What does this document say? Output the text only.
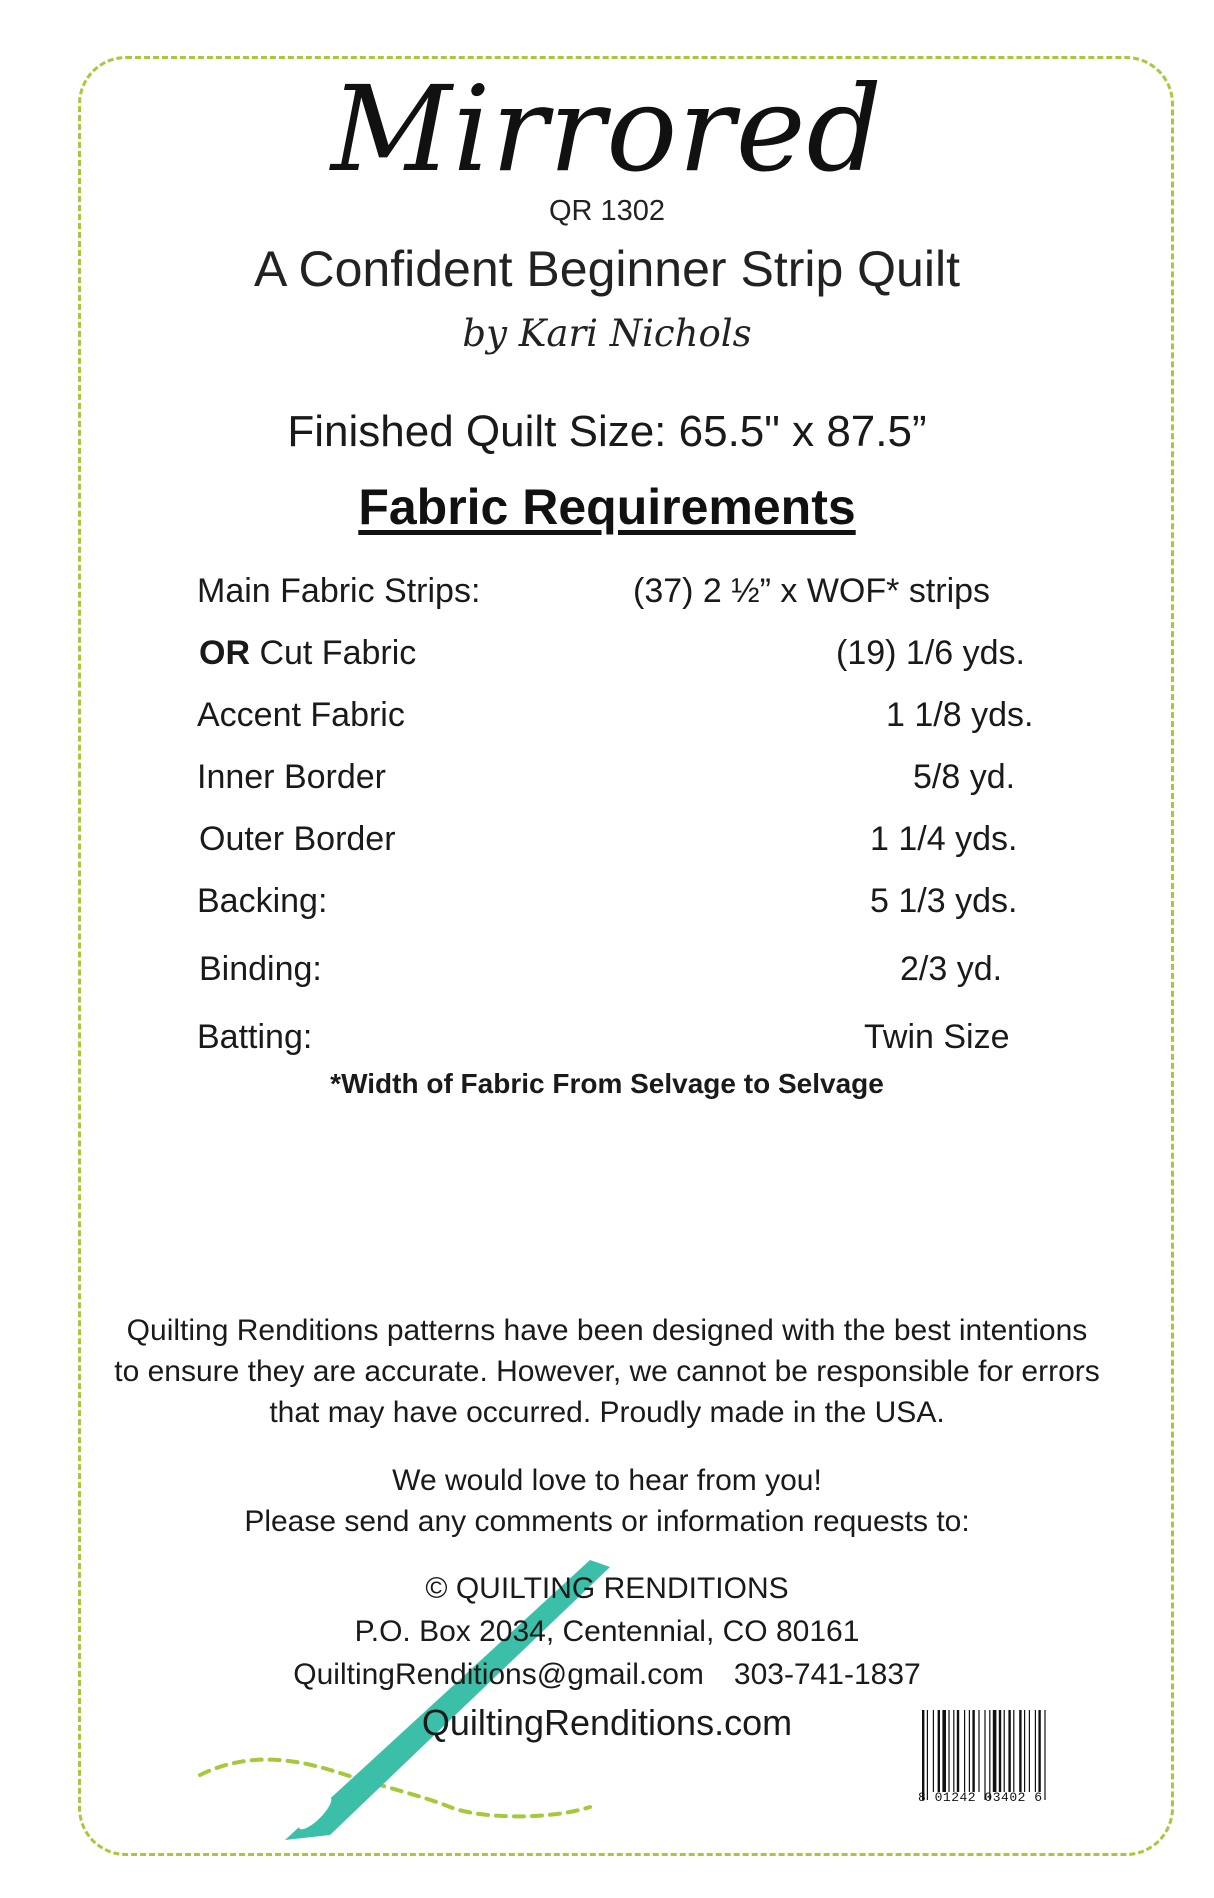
Mirrored
QR 1302
A Confident Beginner Strip Quilt
by Kari Nichols
Finished Quilt Size: 65.5" x 87.5”
Fabric Requirements
Main Fabric Strips:	(37) 2 ½” x WOF* strips
OR Cut Fabric	(19) 1/6 yds.
Accent Fabric	1 1/8 yds.
Inner Border	5/8 yd.
Outer Border	1 1/4 yds.
Backing:	5 1/3 yds.
Binding:	2/3 yd.
Batting:	Twin Size
*Width of Fabric From Selvage to Selvage
Quilting Renditions patterns have been designed with the best intentions
to ensure they are accurate. However, we cannot be responsible for errors
that may have occurred. Proudly made in the USA.
We would love to hear from you!
Please send any comments or information requests to:
© QUILTING RENDITIONS
P.O. Box 2034, Centennial, CO 80161
QuiltingRenditions@gmail.com 303-741-1837
QuiltingRenditions.com
8 01242 03402 6
